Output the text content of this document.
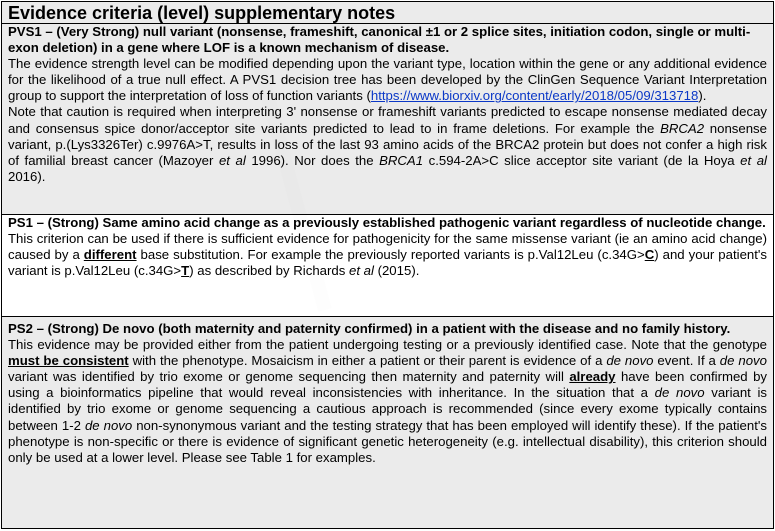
Evidence criteria (level) supplementary notes

PVS1 – (Very Strong) null variant (nonsense, frameshift, canonical ±1 or 2 splice sites, initiation codon, single or multi-exon deletion) in a gene where LOF is a known mechanism of disease.

The evidence strength level can be modified depending upon the variant type, location within the gene or any additional evidence for the likelihood of a true null effect. A PVS1 decision tree has been developed by the ClinGen Sequence Variant Interpretation group to support the interpretation of loss of function variants (https://www.biorxiv.org/content/early/2018/05/09/313718).

Note that caution is required when interpreting 3' nonsense or frameshift variants predicted to escape nonsense mediated decay and consensus spice donor/acceptor site variants predicted to lead to in frame deletions. For example the BRCA2 nonsense variant, p.(Lys3326Ter) c.9976A>T, results in loss of the last 93 amino acids of the BRCA2 protein but does not confer a high risk of familial breast cancer (Mazoyer et al 1996). Nor does the BRCA1 c.594-2A>C slice acceptor site variant (de la Hoya et al 2016).

PS1 – (Strong) Same amino acid change as a previously established pathogenic variant regardless of nucleotide change.

This criterion can be used if there is sufficient evidence for pathogenicity for the same missense variant (ie an amino acid change) caused by a different base substitution. For example the previously reported variants is p.Val12Leu (c.34G>C) and your patient's variant is p.Val12Leu (c.34G>T) as described by Richards et al (2015).

PS2 – (Strong) De novo (both maternity and paternity confirmed) in a patient with the disease and no family history.

This evidence may be provided either from the patient undergoing testing or a previously identified case. Note that the genotype must be consistent with the phenotype. Mosaicism in either a patient or their parent is evidence of a de novo event. If a de novo variant was identified by trio exome or genome sequencing then maternity and paternity will already have been confirmed by using a bioinformatics pipeline that would reveal inconsistencies with inheritance. In the situation that a de novo variant is identified by trio exome or genome sequencing a cautious approach is recommended (since every exome typically contains between 1-2 de novo non-synonymous variant and the testing strategy that has been employed will identify these). If the patient's phenotype is non-specific or there is evidence of significant genetic heterogeneity (e.g. intellectual disability), this criterion should only be used at a lower level. Please see Table 1 for examples.
